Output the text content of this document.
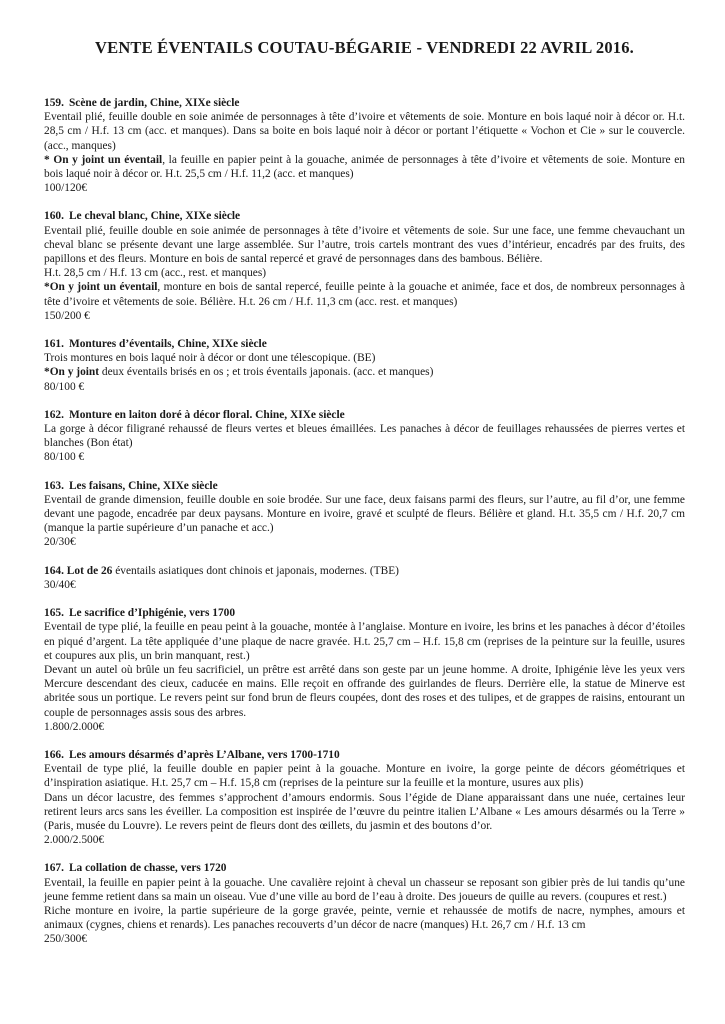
VENTE ÉVENTAILS COUTAU-BÉGARIE - VENDREDI 22 AVRIL 2016.
159. Scène de jardin, Chine, XIXe siècle

Eventail plié, feuille double en soie animée de personnages à tête d’ivoire et vêtements de soie. Monture en bois laqué noir à décor or. H.t. 28,5 cm / H.f. 13 cm (acc. et manques). Dans sa boite en bois laqué noir à décor or portant l’étiquette « Vochon et Cie » sur le couvercle. (acc., manques)

* On y joint un éventail, la feuille en papier peint à la gouache, animée de personnages à tête d’ivoire et vêtements de soie. Monture en bois laqué noir à décor or. H.t. 25,5 cm / H.f. 11,2 (acc. et manques)

100/120€

160. Le cheval blanc, Chine, XIXe siècle

Eventail plié, feuille double en soie animée de personnages à tête d’ivoire et vêtements de soie. Sur une face, une femme chevauchant un cheval blanc se présente devant une large assemblée. Sur l’autre, trois cartels montrant des vues d’intérieur, encadrés par des fruits, des papillons et des fleurs. Monture en bois de santal repercé et gravé de personnages dans des bambous. Bélière.

H.t. 28,5 cm / H.f. 13 cm (acc., rest. et manques)

*On y joint un éventail, monture en bois de santal repercé, feuille peinte à la gouache et animée, face et dos, de nombreux personnages à tête d’ivoire et vêtements de soie. Bélière. H.t. 26 cm / H.f. 11,3 cm (acc. rest. et manques)

150/200 €

161. Montures d’éventails, Chine, XIXe siècle

Trois montures en bois laqué noir à décor or dont une télescopique. (BE)

*On y joint deux éventails brisés en os ; et trois éventails japonais. (acc. et manques)

80/100 €

162. Monture en laiton doré à décor floral. Chine, XIXe siècle

La gorge à décor filigrané rehaussé de fleurs vertes et bleues émaillées. Les panaches à décor de feuillages rehaussées de pierres vertes et blanches (Bon état)

80/100 €

163. Les faisans, Chine, XIXe siècle

Eventail de grande dimension, feuille double en soie brodée. Sur une face, deux faisans parmi des fleurs, sur l’autre, au fil d’or, une femme devant une pagode, encadrée par deux paysans. Monture en ivoire, gravé et sculpté de fleurs. Bélière et gland. H.t. 35,5 cm / H.f. 20,7 cm (manque la partie supérieure d’un panache et acc.)

20/30€

164. Lot de 26 éventails asiatiques dont chinois et japonais, modernes. (TBE)

30/40€

165. Le sacrifice d’Iphigénie, vers 1700

Eventail de type plié, la feuille en peau peint à la gouache, montée à l’anglaise. Monture en ivoire, les brins et les panaches à décor d’étoiles en piqué d’argent. La tête appliquée d’une plaque de nacre gravée. H.t. 25,7 cm – H.f. 15,8 cm (reprises de la peinture sur la feuille, usures et coupures aux plis, un brin manquant, rest.)

Devant un autel où brûle un feu sacrificiel, un prêtre est arrêté dans son geste par un jeune homme. A droite, Iphigénie lève les yeux vers Mercure descendant des cieux, caducée en mains. Elle reçoit en offrande des guirlandes de fleurs. Derrière elle, la statue de Minerve est abritée sous un portique. Le revers peint sur fond brun de fleurs coupées, dont des roses et des tulipes, et de grappes de raisins, entourant un couple de personnages assis sous des arbres.

1.800/2.000€

166. Les amours désarmés d’après L’Albane, vers 1700-1710

Eventail de type plié, la feuille double en papier peint à la gouache. Monture en ivoire, la gorge peinte de décors géométriques et d’inspiration asiatique. H.t. 25,7 cm – H.f. 15,8 cm (reprises de la peinture sur la feuille et la monture, usures aux plis)

Dans un décor lacustre, des femmes s’approchent d’amours endormis. Sous l’égide de Diane apparaissant dans une nuée, certaines leur retirent leurs arcs sans les éveiller. La composition est inspirée de l’œuvre du peintre italien L’Albane « Les amours désarmés ou la Terre » (Paris, musée du Louvre). Le revers peint de fleurs dont des œillets, du jasmin et des boutons d’or.

2.000/2.500€

167. La collation de chasse, vers 1720

Eventail, la feuille en papier peint à la gouache. Une cavalière rejoint à cheval un chasseur se reposant son gibier près de lui tandis qu’une jeune femme retient dans sa main un oiseau. Vue d’une ville au bord de l’eau à droite. Des joueurs de quille au revers. (coupures et rest.)

Riche monture en ivoire, la partie supérieure de la gorge gravée, peinte, vernie et rehaussée de motifs de nacre, nymphes, amours et animaux (cygnes, chiens et renards). Les panaches recouverts d’un décor de nacre (manques) H.t. 26,7 cm / H.f. 13 cm

250/300€
